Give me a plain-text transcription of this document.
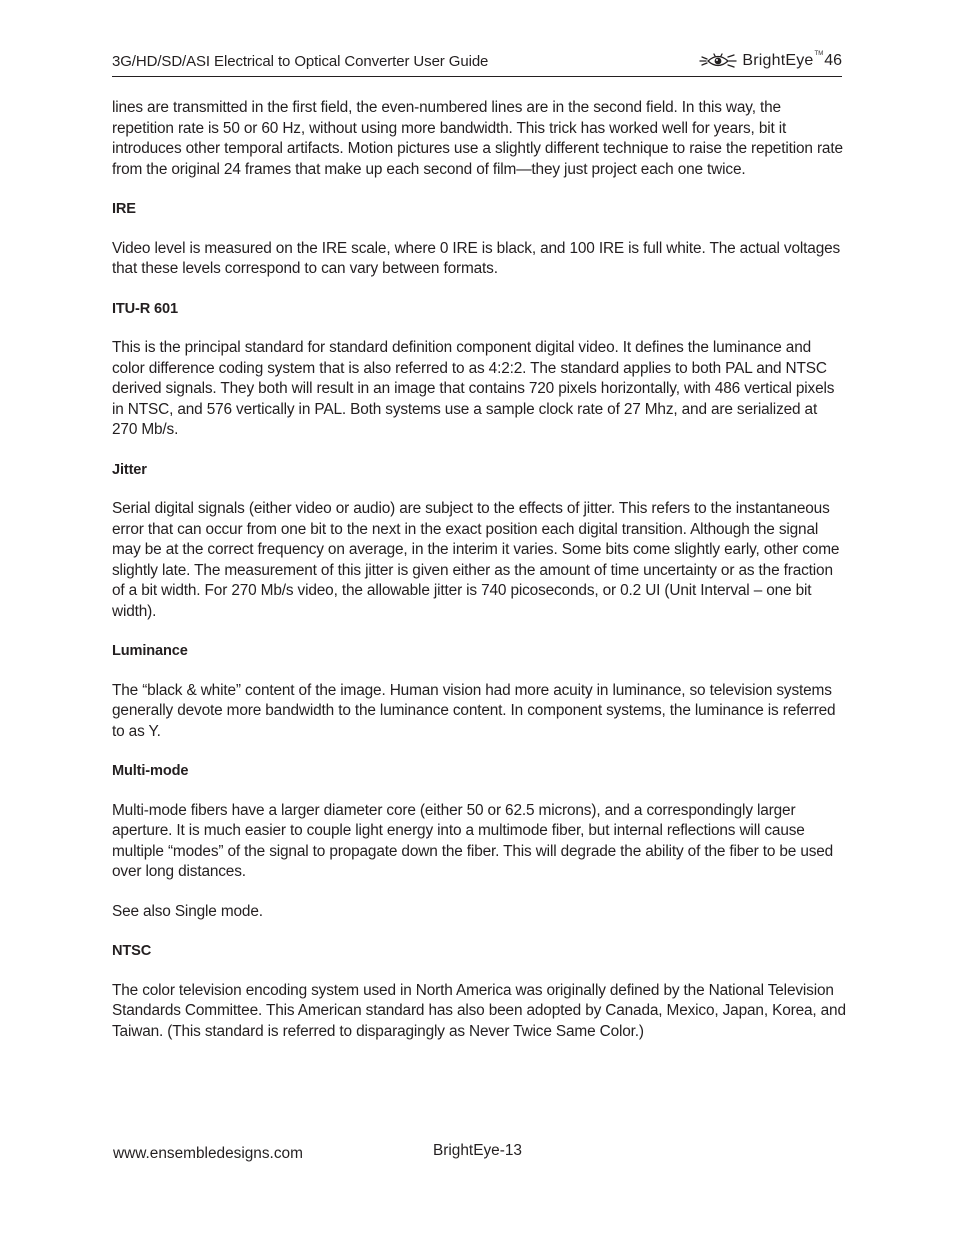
3G/HD/SD/ASI Electrical to Optical Converter User Guide	BrightEye TM 46

lines are transmitted in the first field, the even-numbered lines are in the second field. In this way, the repetition rate is 50 or 60 Hz, without using more bandwidth. This trick has worked well for years, bit it introduces other temporal artifacts. Motion pictures use a slightly different technique to raise the repetition rate from the original 24 frames that make up each second of film—they just project each one twice.

IRE

Video level is measured on the IRE scale, where 0 IRE is black, and 100 IRE is full white. The actual voltages that these levels correspond to can vary between formats.

ITU-R 601

This is the principal standard for standard definition component digital video. It defines the luminance and color difference coding system that is also referred to as 4:2:2. The standard applies to both PAL and NTSC derived signals. They both will result in an image that contains 720 pixels horizontally, with 486 vertical pixels in NTSC, and 576 vertically in PAL. Both systems use a sample clock rate of 27 Mhz, and are serialized at 270 Mb/s.

Jitter

Serial digital signals (either video or audio) are subject to the effects of jitter. This refers to the instantaneous error that can occur from one bit to the next in the exact position each digital transition. Although the signal may be at the correct frequency on average, in the interim it varies. Some bits come slightly early, other come slightly late. The measurement of this jitter is given either as the amount of time uncertainty or as the fraction of a bit width. For 270 Mb/s video, the allowable jitter is 740 picoseconds, or 0.2 UI (Unit Interval – one bit width).

Luminance

The “black & white” content of the image. Human vision had more acuity in luminance, so television systems generally devote more bandwidth to the luminance content. In component systems, the luminance is referred to as Y.

Multi-mode

Multi-mode fibers have a larger diameter core (either 50 or 62.5 microns), and a correspondingly larger aperture. It is much easier to couple light energy into a multimode fiber, but internal reflections will cause multiple “modes” of the signal to propagate down the fiber. This will degrade the ability of the fiber to be used over long distances.

See also Single mode.

NTSC

The color television encoding system used in North America was originally defined by the National Television Standards Committee. This American standard has also been adopted by Canada, Mexico, Japan, Korea, and Taiwan. (This standard is referred to disparagingly as Never Twice Same Color.)

www.ensembledesigns.com	BrightEye-13
